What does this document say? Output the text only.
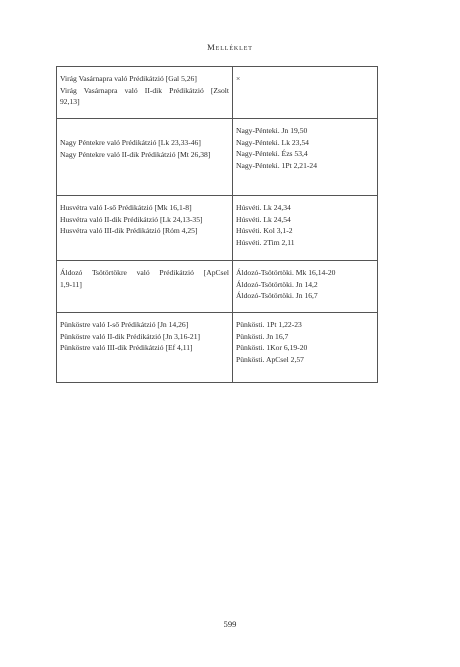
Melléklet
Virág Vasárnapra való Prédikátzió [Gal 5,26]
Virág Vasárnapra való II-dik Prédikátzió [Zsolt
92,13]	×

Nagy Péntekre való Prédikátzió [Lk 23,33-46]
Nagy Péntekre való II-dik Prédikátzió [Mt 26,38]	Nagy-Pénteki. Jn 19,50
Nagy-Pénteki. Lk 23,54
Nagy-Pénteki. Ézs 53,4
Nagy-Pénteki. 1Pt 2,21-24

Husvétra való I-ső Prédikátzió [Mk 16,1-8]
Husvétra való II-dik Prédikátzió [Lk 24,13-35]
Husvétra való III-dik Prédikátzió [Róm 4,25]	Húsvéti. Lk 24,34
Húsvéti. Lk 24,54
Húsvéti. Kol 3,1-2
Húsvéti. 2Tim 2,11

Áldozó Tsötörtökre való Prédikátzió [ApCsel
1,9-11]	Áldozó-Tsötörtöki. Mk 16,14-20
Áldozó-Tsötörtöki. Jn 14,2
Áldozó-Tsötörtöki. Jn 16,7

Pünköstre való I-ső Prédikátzió [Jn 14,26]
Pünköstre való II-dik Prédikátzió [Jn 3,16-21]
Pünköstre való III-dik Prédikátzió [Ef 4,11]	Pünkösti. 1Pt 1,22-23
Pünkösti. Jn 16,7
Pünkösti. 1Kor 6,19-20
Pünkösti. ApCsel 2,57
599
